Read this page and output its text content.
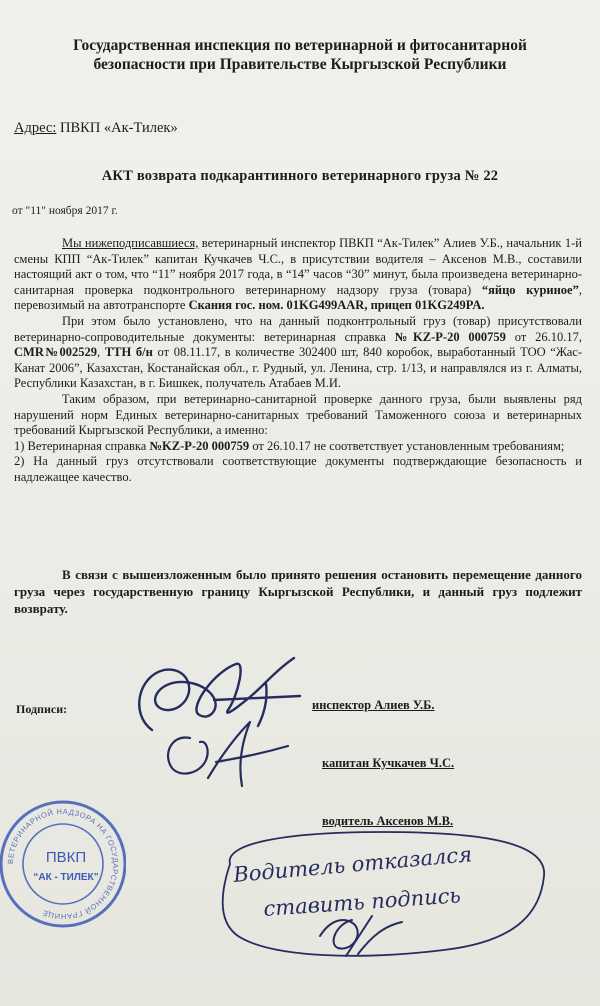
Государственная инспекция по ветеринарной и фитосанитарной
безопасности при Правительстве Кыргызской Республики
Адрес: ПВКП «Ак-Тилек»
АКТ возврата подкарантинного ветеринарного груза № 22
от "11" ноября 2017 г.

Мы нижеподписавшиеся, ветеринарный инспектор ПВКП “Ак-Тилек” Алиев У.Б., начальник 1-й смены КПП “Ак-Тилек” капитан Кучкачев Ч.С., в присутствии водителя – Аксенов М.В., составили настоящий акт о том, что “11” ноября 2017 года, в “14” часов “30” минут, была произведена ветеринарно-санитарная проверка подконтрольного ветеринарному надзору груза (товара) “яйцо куриное”, перевозимый на автотранспорте Скания гос. ном. 01KG499AAR, прицеп 01KG249PA.

При этом было установлено, что на данный подконтрольный груз (товар) присутствовали ветеринарно-сопроводительные документы: ветеринарная справка №KZ-P-20 000759 от 26.10.17, CMR№002529, ТТН б/н от 08.11.17, в количестве 302400 шт, 840 коробок, выработанный ТОО “Жас-Канат 2006”, Казахстан, Костанайская обл., г. Рудный, ул. Ленина, стр. 1/13, и направлялся из г. Алматы, Республики Казахстан, в г. Бишкек, получатель Атабаев М.И.

Таким образом, при ветеринарно-санитарной проверке данного груза, были выявлены ряд нарушений норм Единых ветеринарно-санитарных требований Таможенного союза и ветеринарных требований Кыргызской Республики, а именно:

1) Ветеринарная справка №KZ-P-20 000759 от 26.10.17 не соответствует установленным требованиям;

2) На данный груз отсутствовали соответствующие документы подтверждающие безопасность и надлежащее качество.

В связи с вышеизложенным было принято решения остановить перемещение данного груза через государственную границу Кыргызской Республики, и данный груз подлежит возврату.
Подписи:	инспектор Алиев У.Б.
капитан Кучкачев Ч.С.
водитель Аксенов М.В.
ВЕТЕРИНАРНОЙ НАДЗОРА НА ГОСУДАРСТВЕННОЙ ГРАНИЦЕ
ПВКП
“АК - ТИЛЕК”	Водитель отказался
ставить подпись
